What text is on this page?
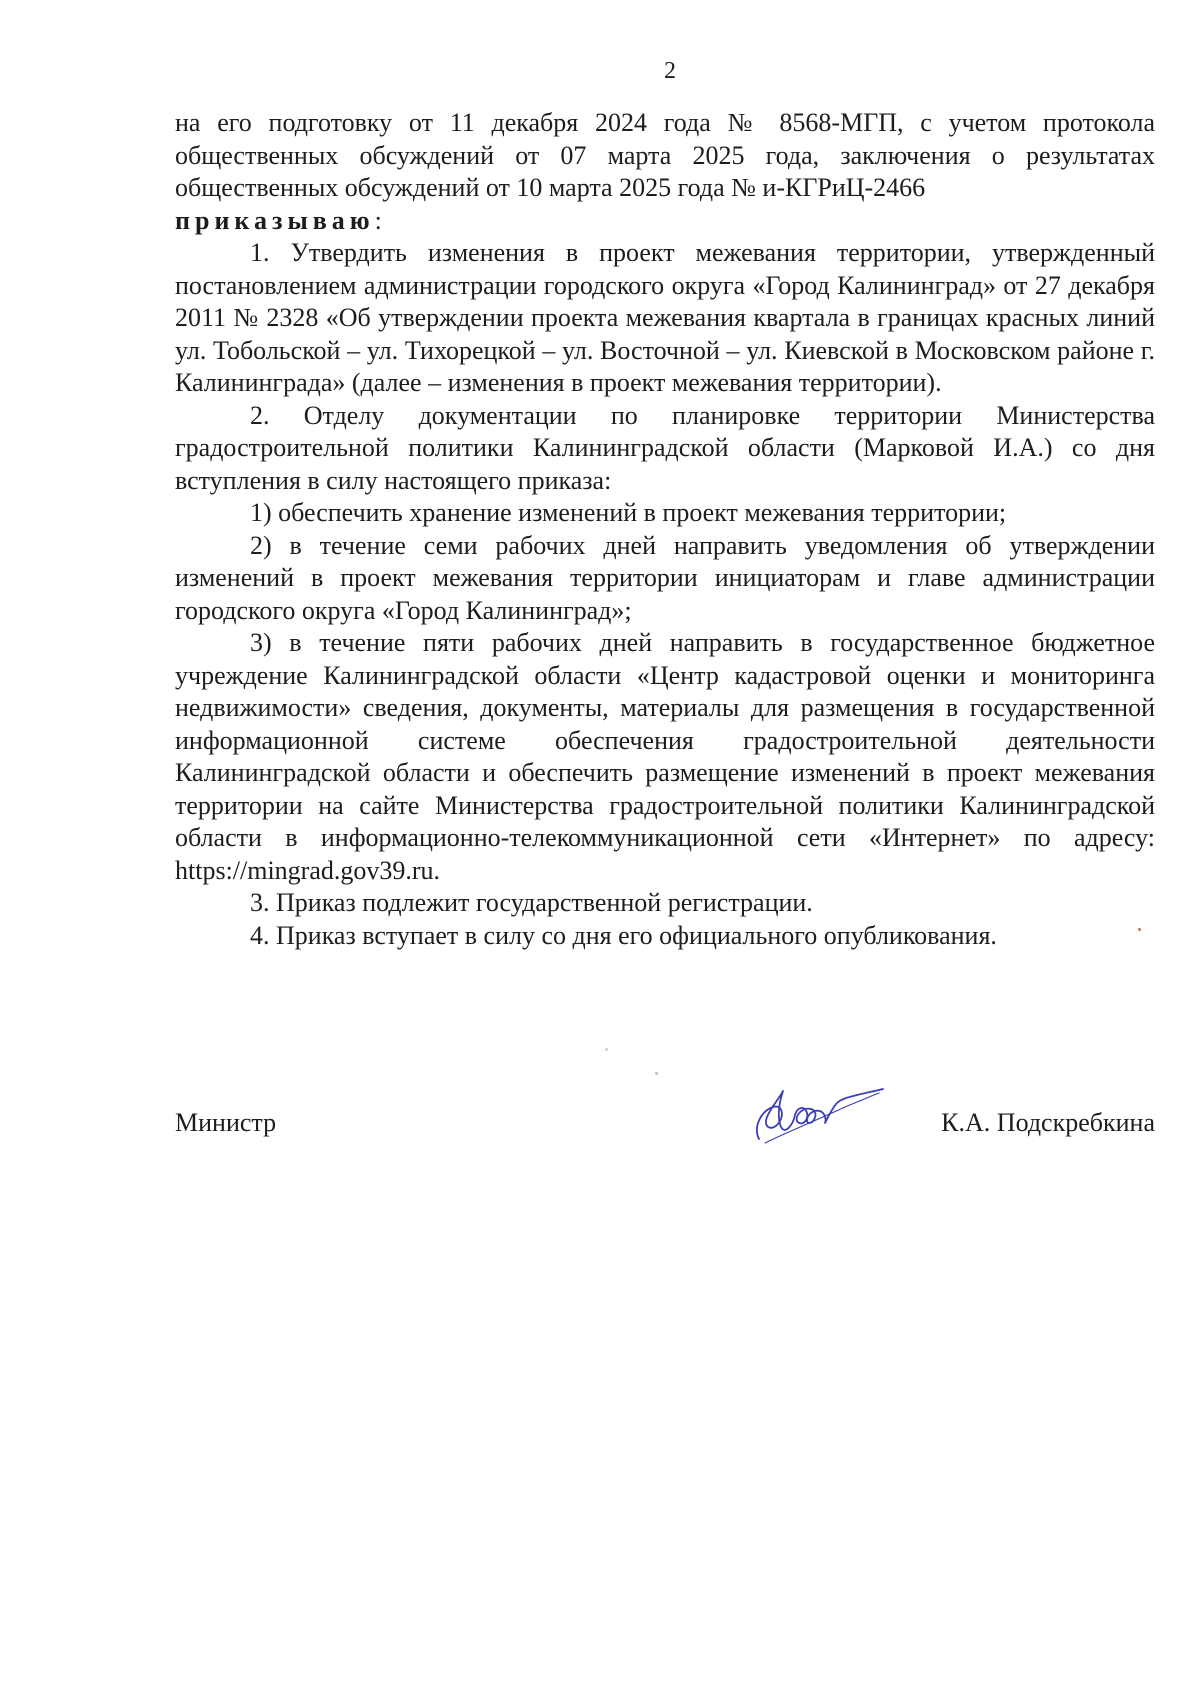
2

на его подготовку от 11 декабря 2024 года № 8568-МГП, с учетом протокола общественных обсуждений от 07 марта 2025 года, заключения о результатах общественных обсуждений от 10 марта 2025 года № и-КГРиЦ-2466

приказываю:

1. Утвердить изменения в проект межевания территории, утвержденный постановлением администрации городского округа «Город Калининград» от 27 декабря 2011 № 2328 «Об утверждении проекта межевания квартала в границах красных линий ул. Тобольской – ул. Тихорецкой – ул. Восточной – ул. Киевской в Московском районе г. Калининграда» (далее – изменения в проект межевания территории).

2. Отделу документации по планировке территории Министерства градостроительной политики Калининградской области (Марковой И.А.) со дня вступления в силу настоящего приказа:

1) обеспечить хранение изменений в проект межевания территории;

2) в течение семи рабочих дней направить уведомления об утверждении изменений в проект межевания территории инициаторам и главе администрации городского округа «Город Калининград»;

3) в течение пяти рабочих дней направить в государственное бюджетное учреждение Калининградской области «Центр кадастровой оценки и мониторинга недвижимости» сведения, документы, материалы для размещения в государственной информационной системе обеспечения градостроительной деятельности Калининградской области и обеспечить размещение изменений в проект межевания территории на сайте Министерства градостроительной политики Калининградской области в информационно-телекоммуникационной сети «Интернет» по адресу: https://mingrad.gov39.ru.

3. Приказ подлежит государственной регистрации.

4. Приказ вступает в силу со дня его официального опубликования.

Министр	К.А. Подскребкина
